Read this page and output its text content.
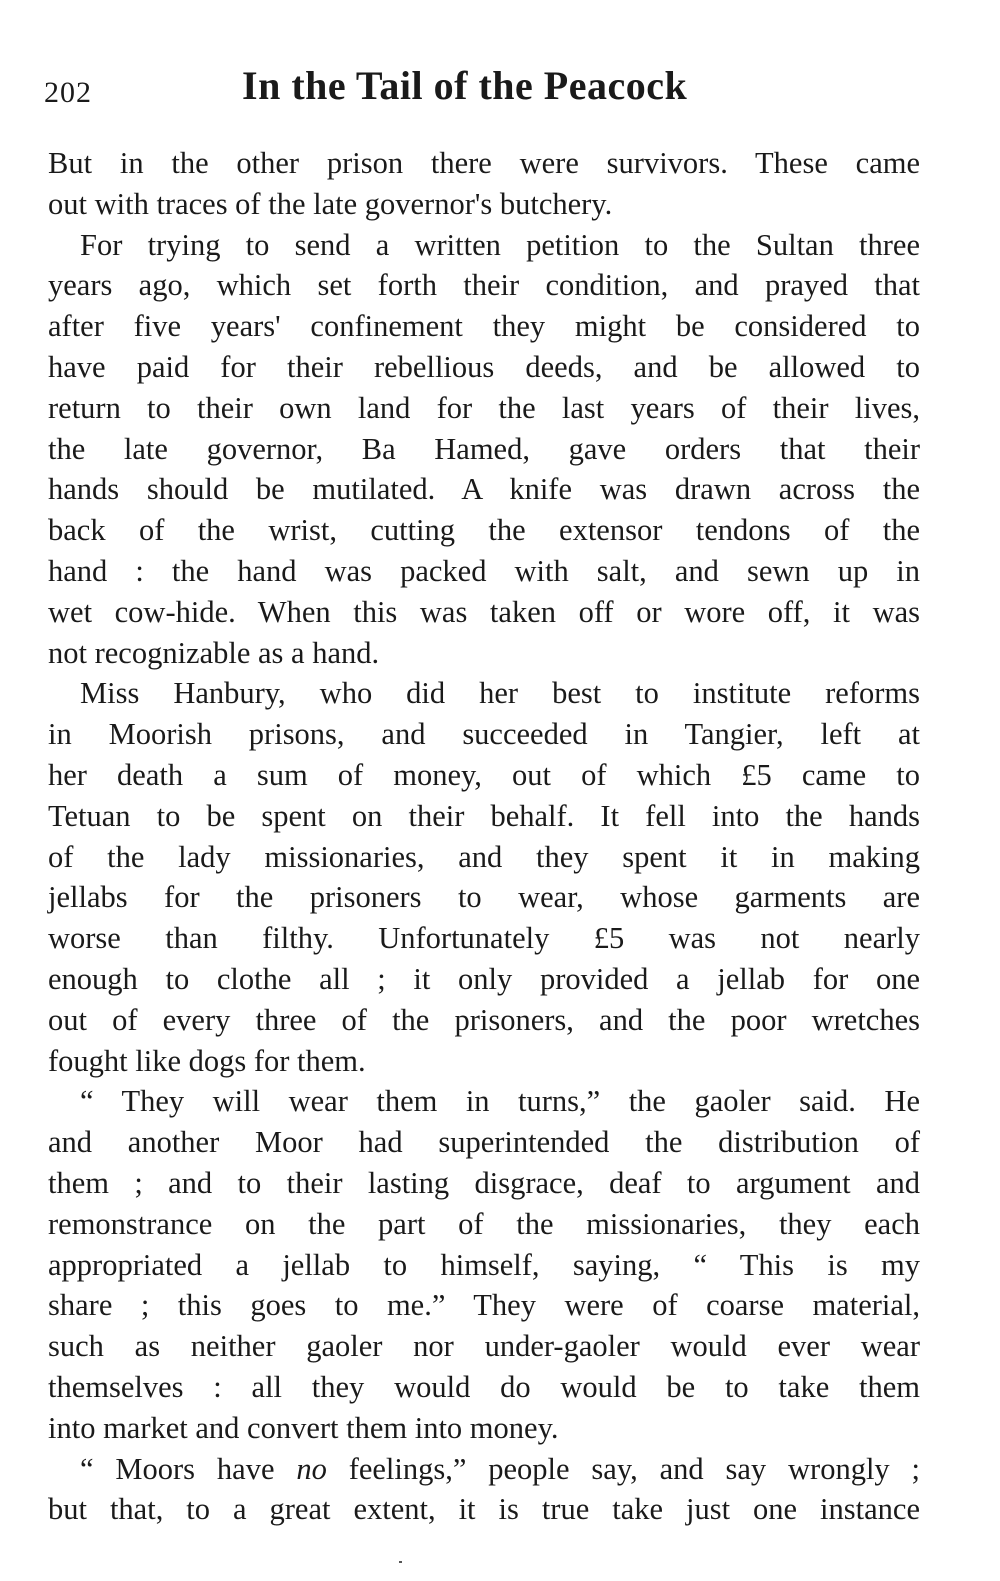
202	In the Tail of the Peacock
But in the other prison there were survivors. These came
out with traces of the late governor's butchery.
For trying to send a written petition to the Sultan three
years ago, which set forth their condition, and prayed that
after five years' confinement they might be considered to
have paid for their rebellious deeds, and be allowed to
return to their own land for the last years of their lives,
the late governor, Ba Hamed, gave orders that their
hands should be mutilated. A knife was drawn across the
back of the wrist, cutting the extensor tendons of the
hand : the hand was packed with salt, and sewn up in
wet cow-hide. When this was taken off or wore off, it was
not recognizable as a hand.
Miss Hanbury, who did her best to institute reforms
in Moorish prisons, and succeeded in Tangier, left at
her death a sum of money, out of which £5 came to
Tetuan to be spent on their behalf. It fell into the hands
of the lady missionaries, and they spent it in making
jellabs for the prisoners to wear, whose garments are
worse than filthy. Unfortunately £5 was not nearly
enough to clothe all ; it only provided a jellab for one
out of every three of the prisoners, and the poor wretches
fought like dogs for them.
“ They will wear them in turns,” the gaoler said. He
and another Moor had superintended the distribution of
them ; and to their lasting disgrace, deaf to argument and
remonstrance on the part of the missionaries, they each
appropriated a jellab to himself, saying, “ This is my
share ; this goes to me.” They were of coarse material,
such as neither gaoler nor under-gaoler would ever wear
themselves : all they would do would be to take them
into market and convert them into money.
“ Moors have no feelings,” people say, and say wrongly ;
but that, to a great extent, it is true take just one instance
